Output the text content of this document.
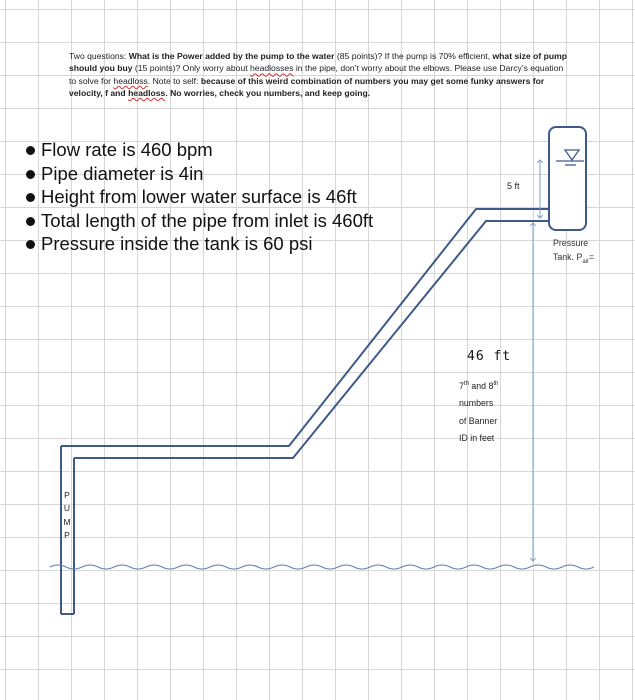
Two questions: What is the Power added by the pump to the water (85 points)? If the pump is 70% efficient, what size of pump should you buy (15 points)? Only worry about headlosses in the pipe, don’t worry about the elbows. Please use Darcy’s equation to solve for headloss. Note to self: because of this weird combination of numbers you may get some funky answers for velocity, f and headloss. No worries, check you numbers, and keep going.
Flow rate is 460 bpm
Pipe diameter is 4in
Height from lower water surface is 46ft
Total length of the pipe from inlet is 460ft
Pressure inside the tank is 60 psi
5 ft
Pressure
Tank. $P_{air}=$
46 ft
7th and 8th
numbers
of Banner
ID in feet
P
U
M
P
